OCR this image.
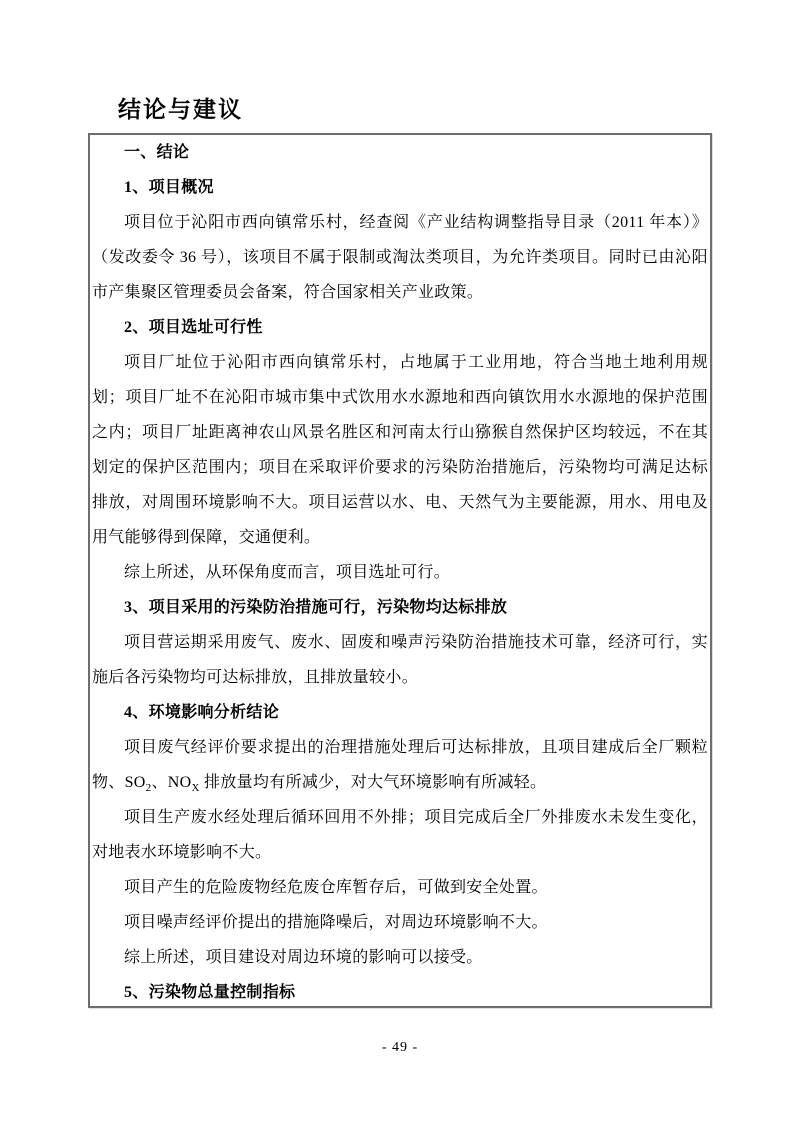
结论与建议
一、结论
1、项目概况

项目位于沁阳市西向镇常乐村，经查阅《产业结构调整指导目录（2011 年本）》（发改委令 36 号），该项目不属于限制或淘汰类项目，为允许类项目。同时已由沁阳市产集聚区管理委员会备案，符合国家相关产业政策。

2、项目选址可行性

项目厂址位于沁阳市西向镇常乐村，占地属于工业用地，符合当地土地利用规划；项目厂址不在沁阳市城市集中式饮用水水源地和西向镇饮用水水源地的保护范围之内；项目厂址距离神农山风景名胜区和河南太行山猕猴自然保护区均较远，不在其划定的保护区范围内；项目在采取评价要求的污染防治措施后，污染物均可满足达标排放，对周围环境影响不大。项目运营以水、电、天然气为主要能源，用水、用电及用气能够得到保障，交通便利。

综上所述，从环保角度而言，项目选址可行。

3、项目采用的污染防治措施可行，污染物均达标排放

项目营运期采用废气、废水、固废和噪声污染防治措施技术可靠，经济可行，实施后各污染物均可达标排放，且排放量较小。

4、环境影响分析结论

项目废气经评价要求提出的治理措施处理后可达标排放，且项目建成后全厂颗粒物、$SO_2$、$NO_X$ 排放量均有所减少，对大气环境影响有所减轻。

项目生产废水经处理后循环回用不外排；项目完成后全厂外排废水未发生变化，对地表水环境影响不大。

项目产生的危险废物经危废仓库暂存后，可做到安全处置。

项目噪声经评价提出的措施降噪后，对周边环境影响不大。

综上所述，项目建设对周边环境的影响可以接受。

5、污染物总量控制指标
- 49 -
